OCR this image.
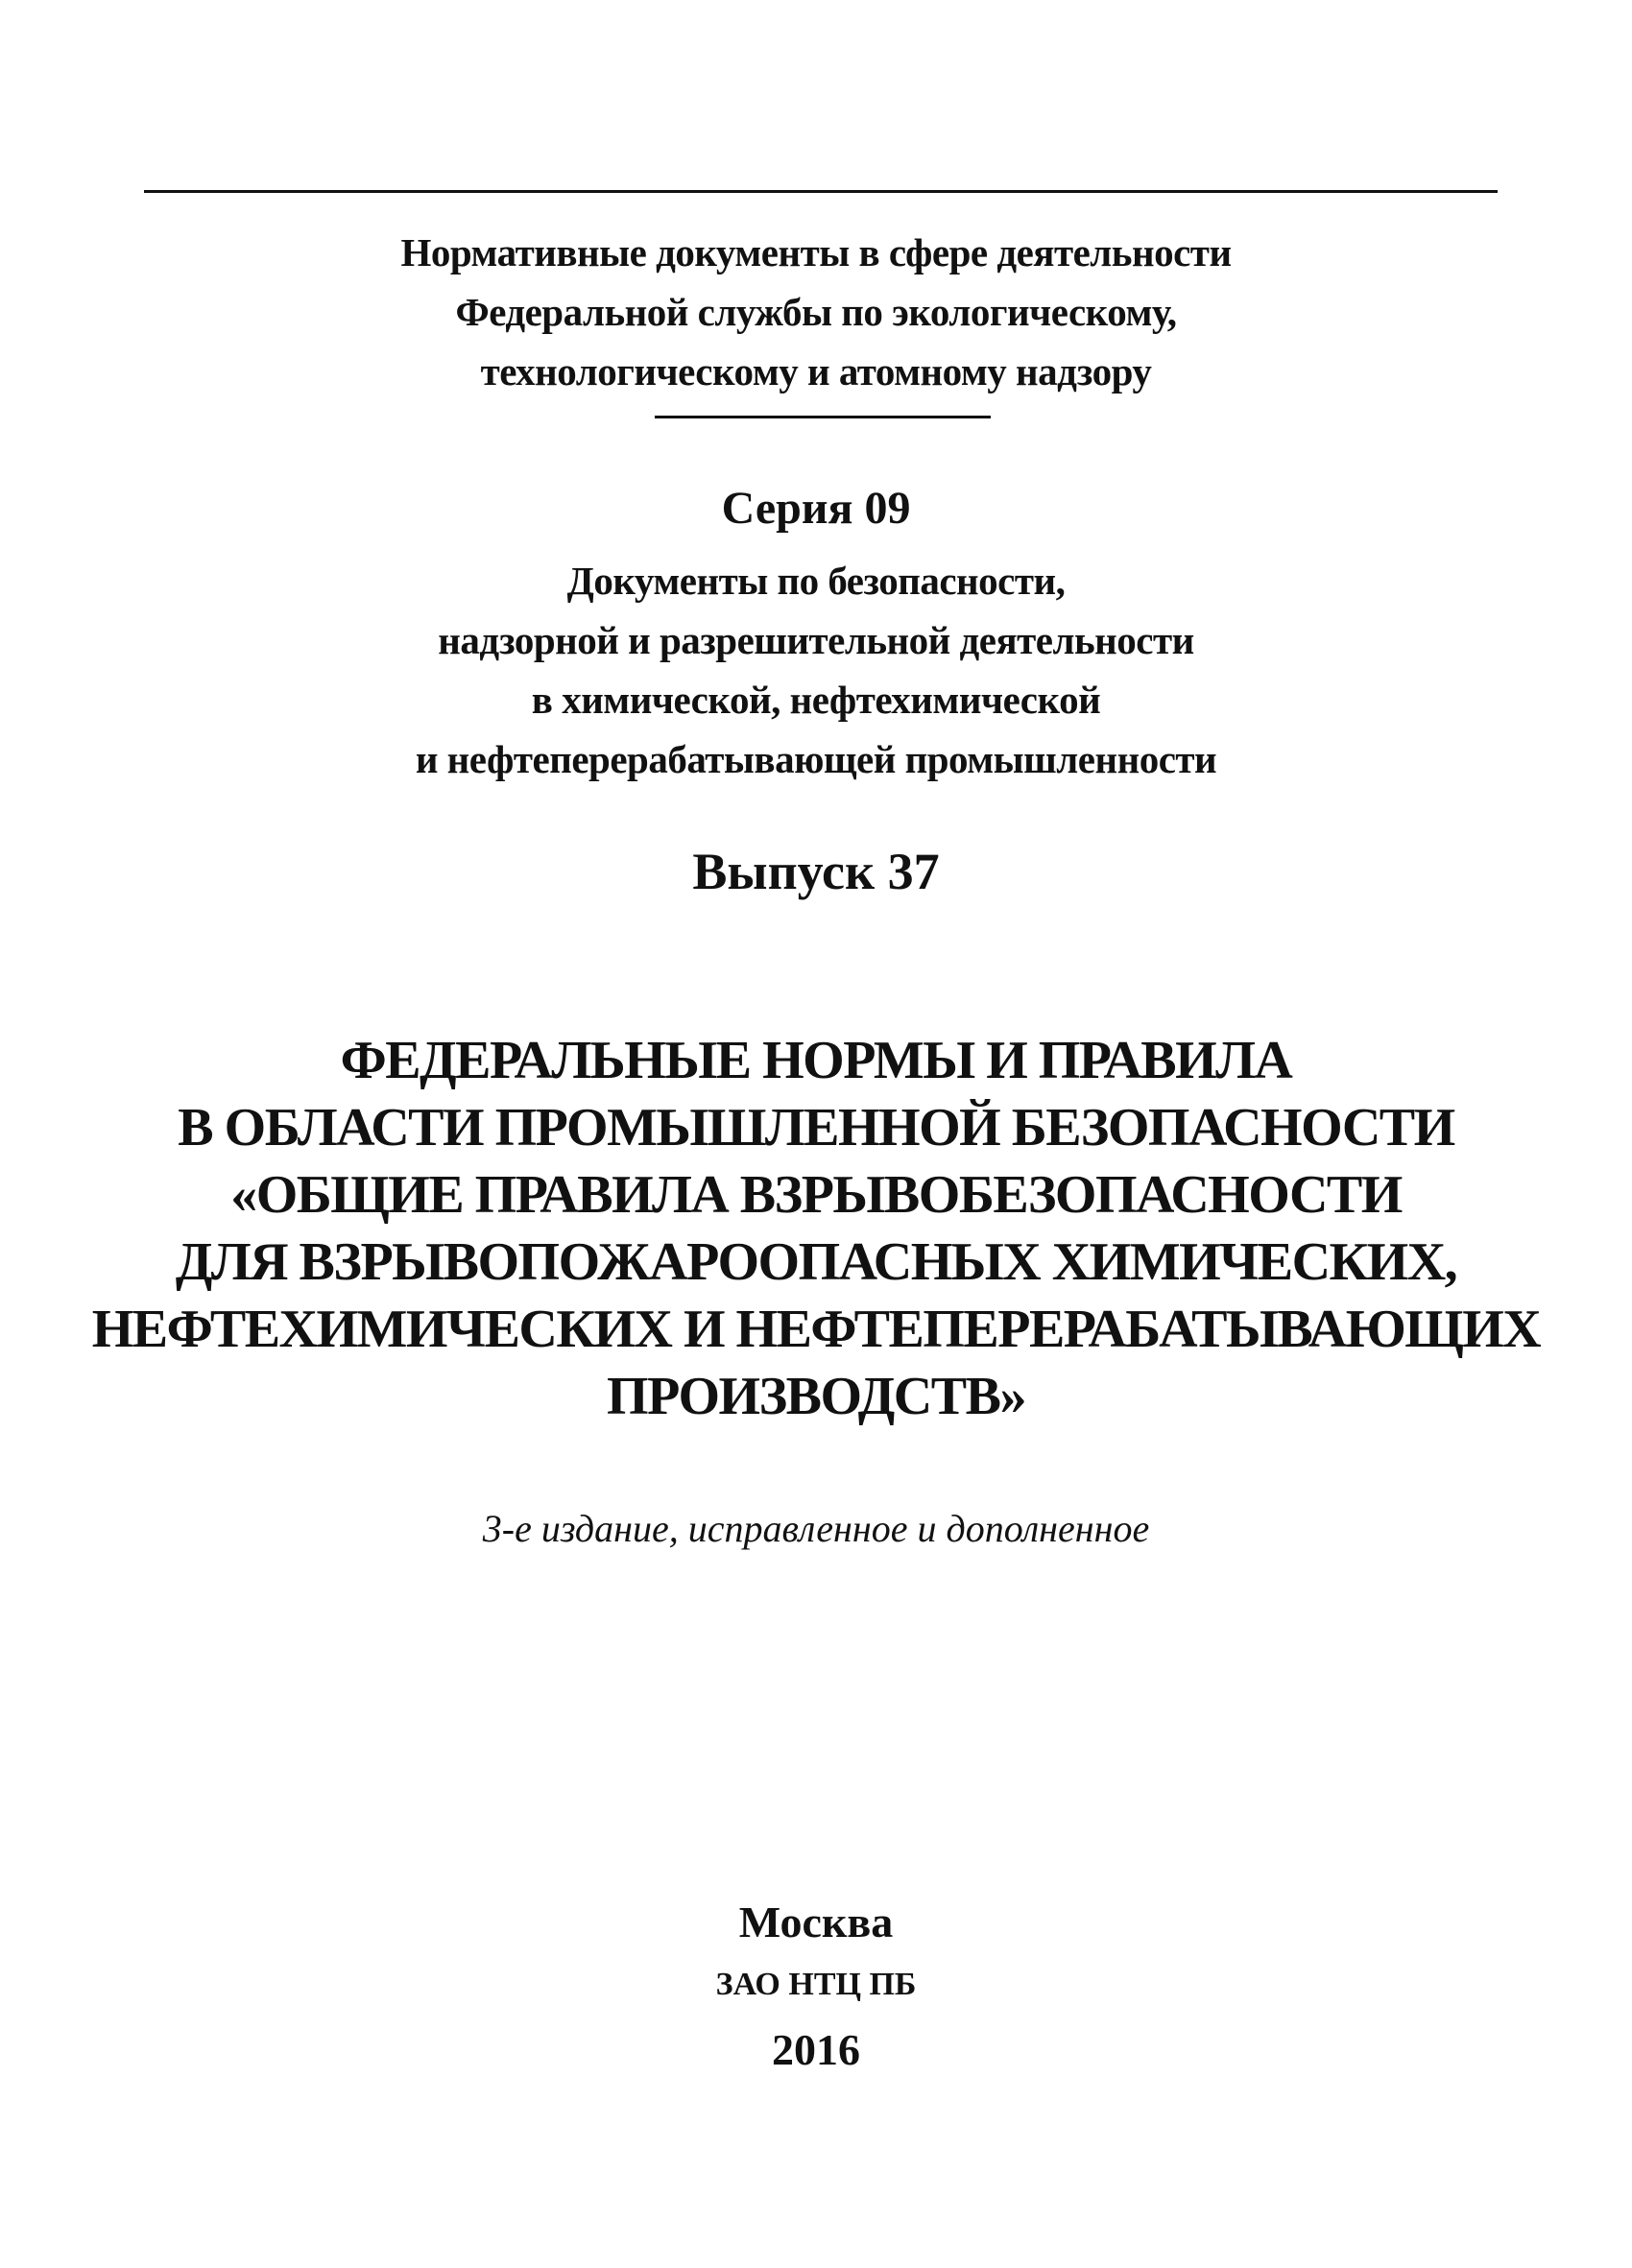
Нормативные документы в сфере деятельности
Федеральной службы по экологическому,
технологическому и атомному надзору
Серия 09
Документы по безопасности,
надзорной и разрешительной деятельности
в химической, нефтехимической
и нефтеперерабатывающей промышленности
Выпуск 37
ФЕДЕРАЛЬНЫЕ НОРМЫ И ПРАВИЛА
В ОБЛАСТИ ПРОМЫШЛЕННОЙ БЕЗОПАСНОСТИ
«ОБЩИЕ ПРАВИЛА ВЗРЫВОБЕЗОПАСНОСТИ
ДЛЯ ВЗРЫВОПОЖАРООПАСНЫХ ХИМИЧЕСКИХ,
НЕФТЕХИМИЧЕСКИХ И НЕФТЕПЕРЕРАБАТЫВАЮЩИХ
ПРОИЗВОДСТВ»
3-е издание, исправленное и дополненное
Москва
ЗАО НТЦ ПБ
2016
